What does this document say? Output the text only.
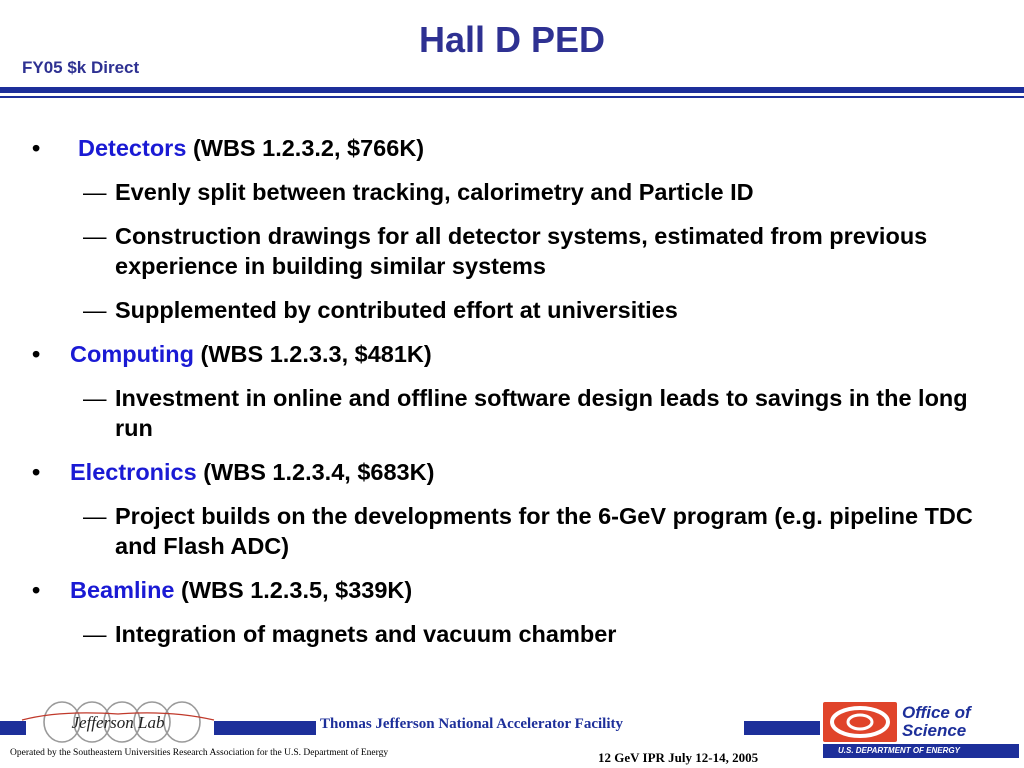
Hall D PED
FY05 $k Direct
• Detectors (WBS 1.2.3.2, $766K)
— Evenly split between tracking, calorimetry and Particle ID
— Construction drawings for all detector systems, estimated from previous experience in building similar systems
— Supplemented by contributed effort at universities
• Computing (WBS 1.2.3.3, $481K)
— Investment in online and offline software design leads to savings in the long run
• Electronics (WBS 1.2.3.4, $683K)
— Project builds on the developments for the 6-GeV program (e.g. pipeline TDC and Flash ADC)
• Beamline (WBS 1.2.3.5, $339K)
— Integration of magnets and vacuum chamber
Jefferson Lab	Thomas Jefferson National Accelerator Facility
Operated by the Southeastern Universities Research Association for the U.S. Department of Energy	12 GeV IPR July 12-14, 2005
Office of
Science
U.S. DEPARTMENT OF ENERGY
